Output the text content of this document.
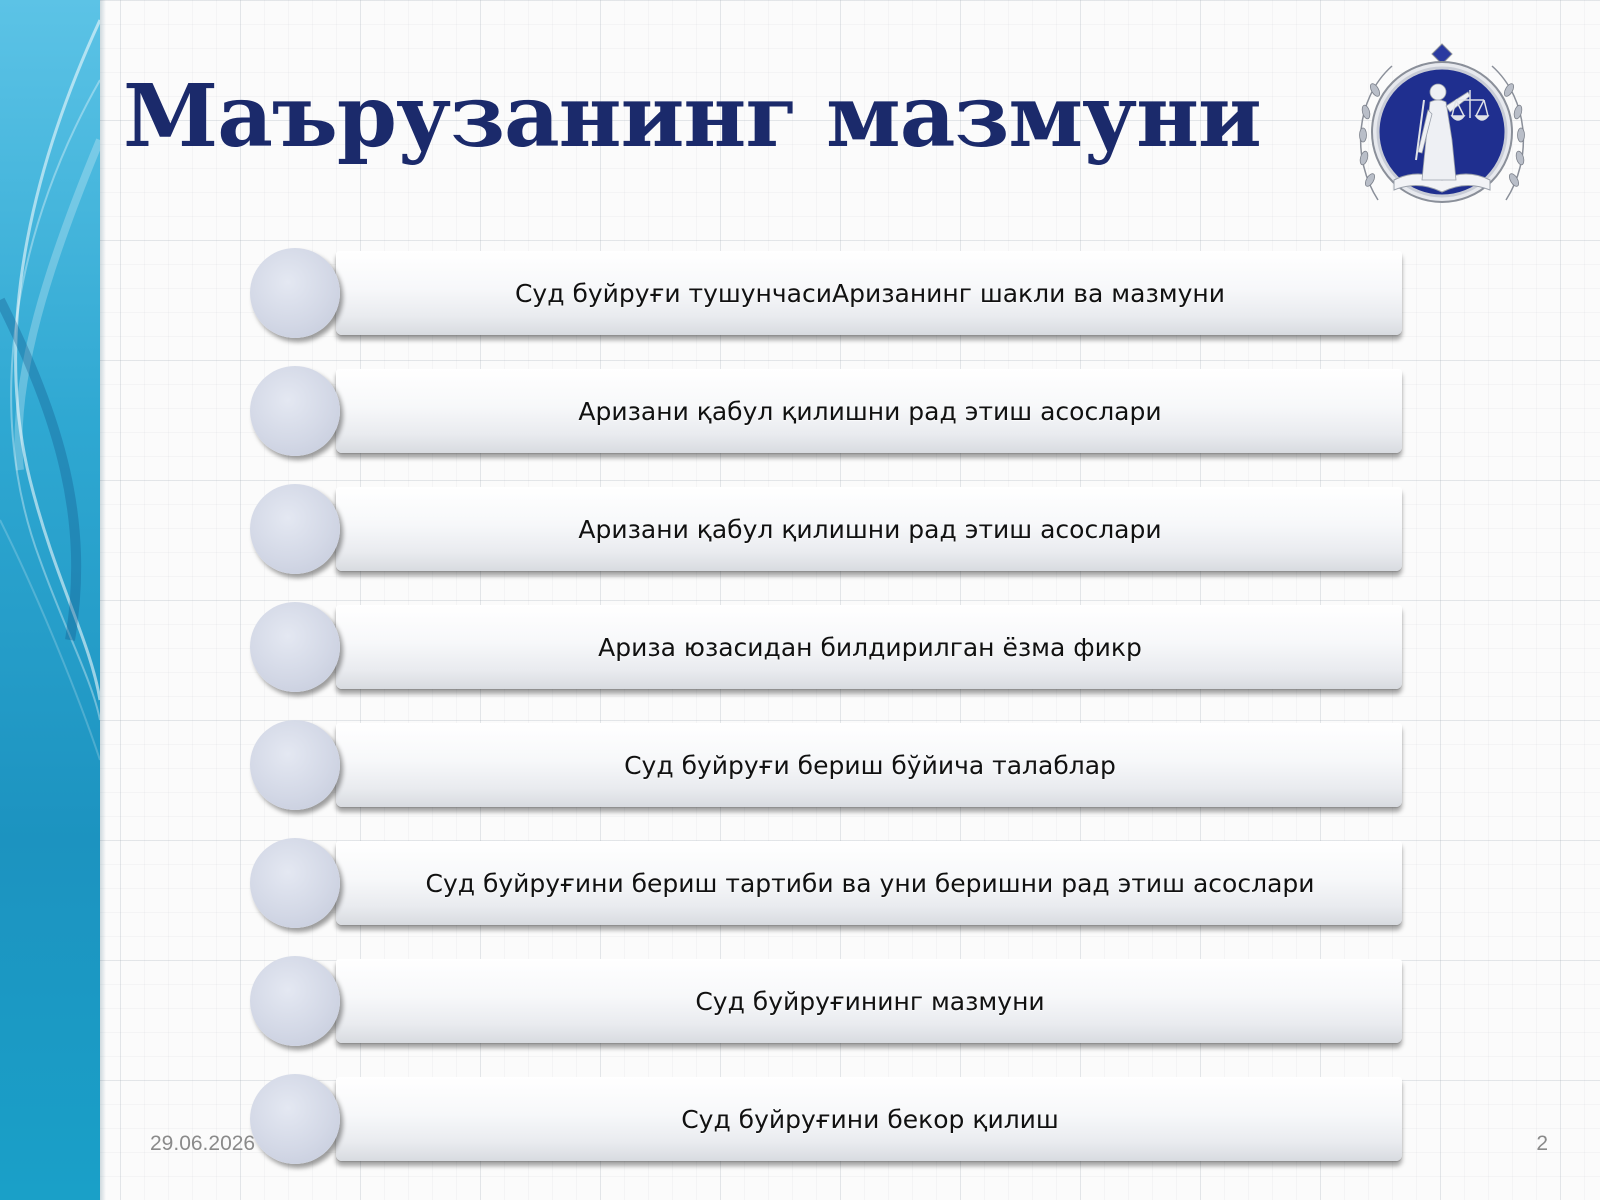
Маърузанинг мазмуни
Суд буйруғи тушунчасиАризанинг шакли ва мазмуни
Аризани қабул қилишни рад этиш асослари
Аризани қабул қилишни рад этиш асослари
Ариза юзасидан билдирилган ёзма фикр
Суд буйруғи бериш бўйича талаблар
Суд буйруғини бериш тартиби ва уни беришни рад этиш асослари
Суд буйруғининг мазмуни
Суд буйруғини бекор қилиш
29.06.2026	2
